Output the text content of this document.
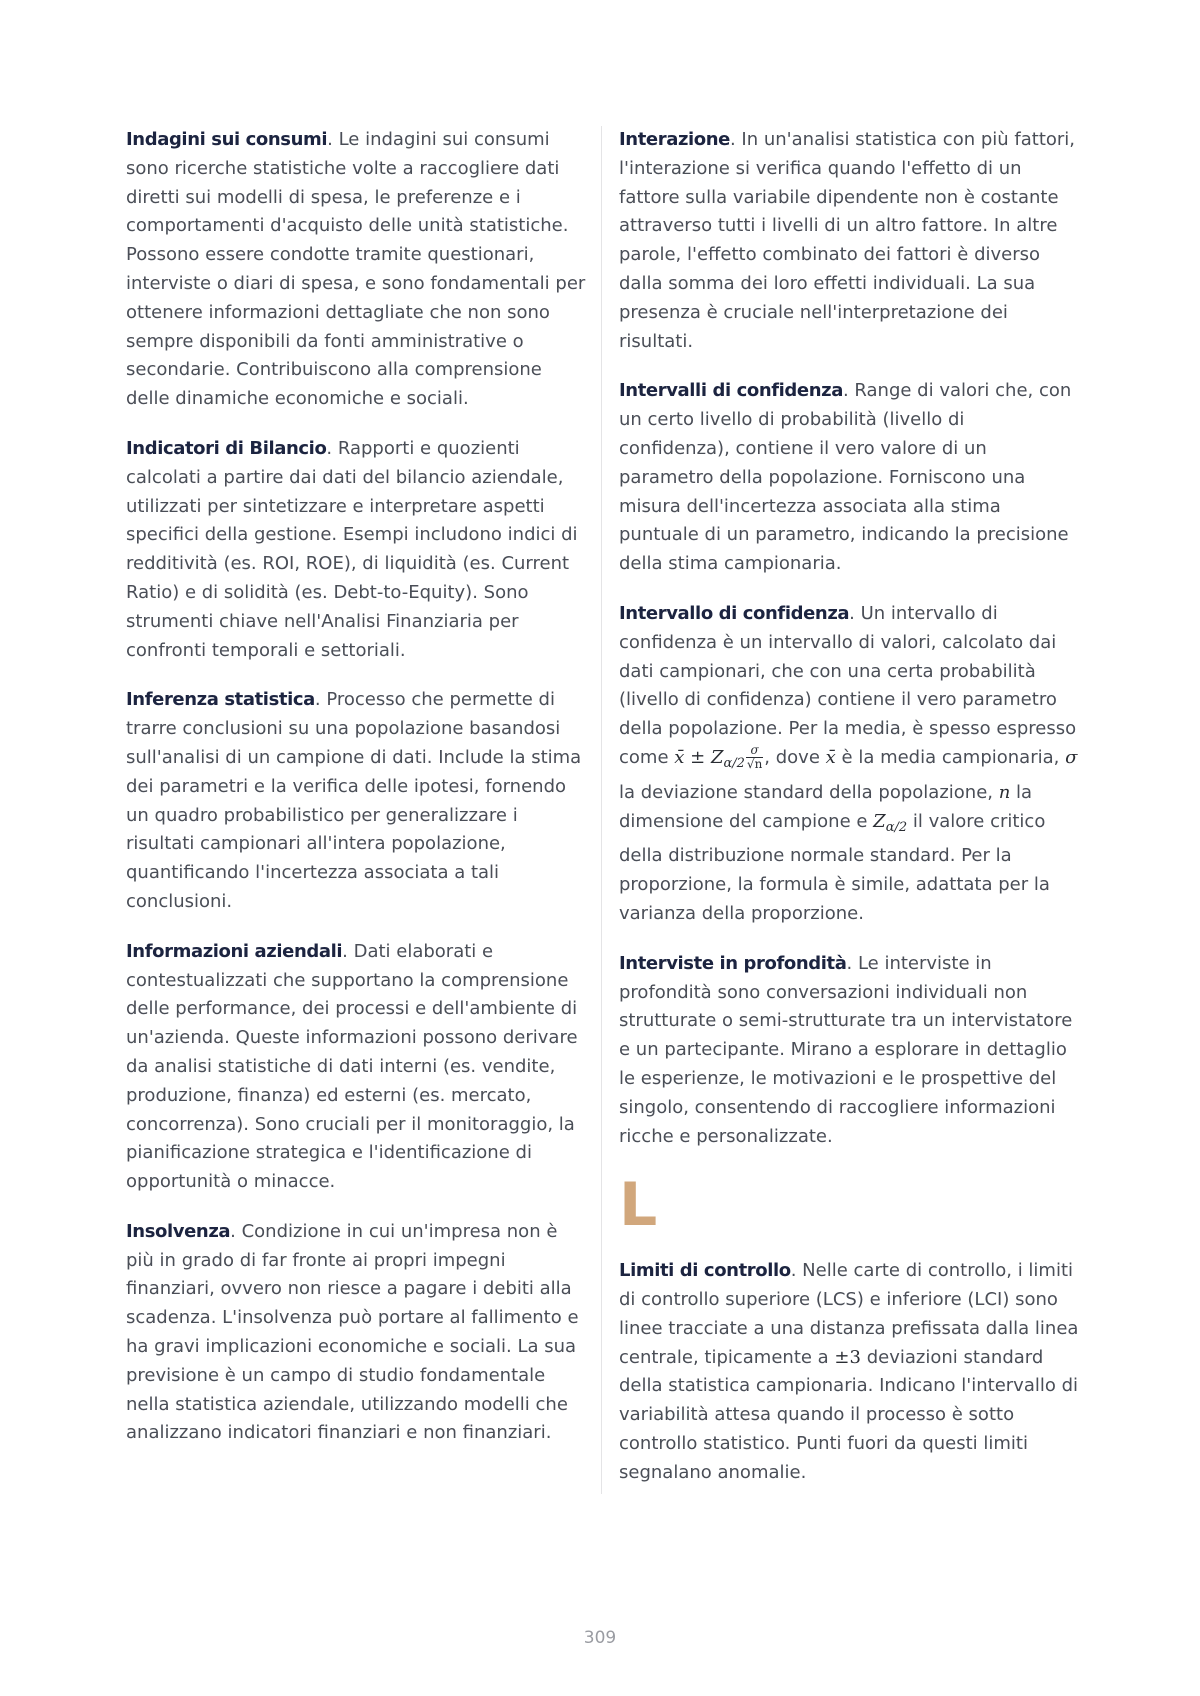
Indagini sui consumi. Le indagini sui consumi sono ricerche statistiche volte a raccogliere dati diretti sui modelli di spesa, le preferenze e i comportamenti d'acquisto delle unità statistiche. Possono essere condotte tramite questionari, interviste o diari di spesa, e sono fondamentali per ottenere informazioni dettagliate che non sono sempre disponibili da fonti amministrative o secondarie. Contribuiscono alla comprensione delle dinamiche economiche e sociali.

Indicatori di Bilancio. Rapporti e quozienti calcolati a partire dai dati del bilancio aziendale, utilizzati per sintetizzare e interpretare aspetti specifici della gestione. Esempi includono indici di redditività (es. ROI, ROE), di liquidità (es. Current Ratio) e di solidità (es. Debt-to-Equity). Sono strumenti chiave nell'Analisi Finanziaria per confronti temporali e settoriali.

Inferenza statistica. Processo che permette di trarre conclusioni su una popolazione basandosi sull'analisi di un campione di dati. Include la stima dei parametri e la verifica delle ipotesi, fornendo un quadro probabilistico per generalizzare i risultati campionari all'intera popolazione, quantificando l'incertezza associata a tali conclusioni.

Informazioni aziendali. Dati elaborati e contestualizzati che supportano la comprensione delle performance, dei processi e dell'ambiente di un'azienda. Queste informazioni possono derivare da analisi statistiche di dati interni (es. vendite, produzione, finanza) ed esterni (es. mercato, concorrenza). Sono cruciali per il monitoraggio, la pianificazione strategica e l'identificazione di opportunità o minacce.

Insolvenza. Condizione in cui un'impresa non è più in grado di far fronte ai propri impegni finanziari, ovvero non riesce a pagare i debiti alla scadenza. L'insolvenza può portare al fallimento e ha gravi implicazioni economiche e sociali. La sua previsione è un campo di studio fondamentale nella statistica aziendale, utilizzando modelli che analizzano indicatori finanziari e non finanziari.

Interazione. In un'analisi statistica con più fattori, l'interazione si verifica quando l'effetto di un fattore sulla variabile dipendente non è costante attraverso tutti i livelli di un altro fattore. In altre parole, l'effetto combinato dei fattori è diverso dalla somma dei loro effetti individuali. La sua presenza è cruciale nell'interpretazione dei risultati.

Intervalli di confidenza. Range di valori che, con un certo livello di probabilità (livello di confidenza), contiene il vero valore di un parametro della popolazione. Forniscono una misura dell'incertezza associata alla stima puntuale di un parametro, indicando la precisione della stima campionaria.

Intervallo di confidenza. Un intervallo di confidenza è un intervallo di valori, calcolato dai dati campionari, che con una certa probabilità (livello di confidenza) contiene il vero parametro della popolazione. Per la media, è spesso espresso come x̄ ± $Z_{\alpha/2} \frac{\sigma}{√n}$ , dove x̄ è la media campionaria, σ la deviazione standard della popolazione, n la dimensione del campione e $Z_{\alpha/2}$ il valore critico della distribuzione normale standard. Per la proporzione, la formula è simile, adattata per la varianza della proporzione.

Interviste in profondità. Le interviste in profondità sono conversazioni individuali non strutturate o semi-strutturate tra un intervistatore e un partecipante. Mirano a esplorare in dettaglio le esperienze, le motivazioni e le prospettive del singolo, consentendo di raccogliere informazioni ricche e personalizzate.

L

Limiti di controllo. Nelle carte di controllo, i limiti di controllo superiore (LCS) e inferiore (LCI) sono linee tracciate a una distanza prefissata dalla linea centrale, tipicamente a ±3 deviazioni standard della statistica campionaria. Indicano l'intervallo di variabilità attesa quando il processo è sotto controllo statistico. Punti fuori da questi limiti segnalano anomalie.

309
